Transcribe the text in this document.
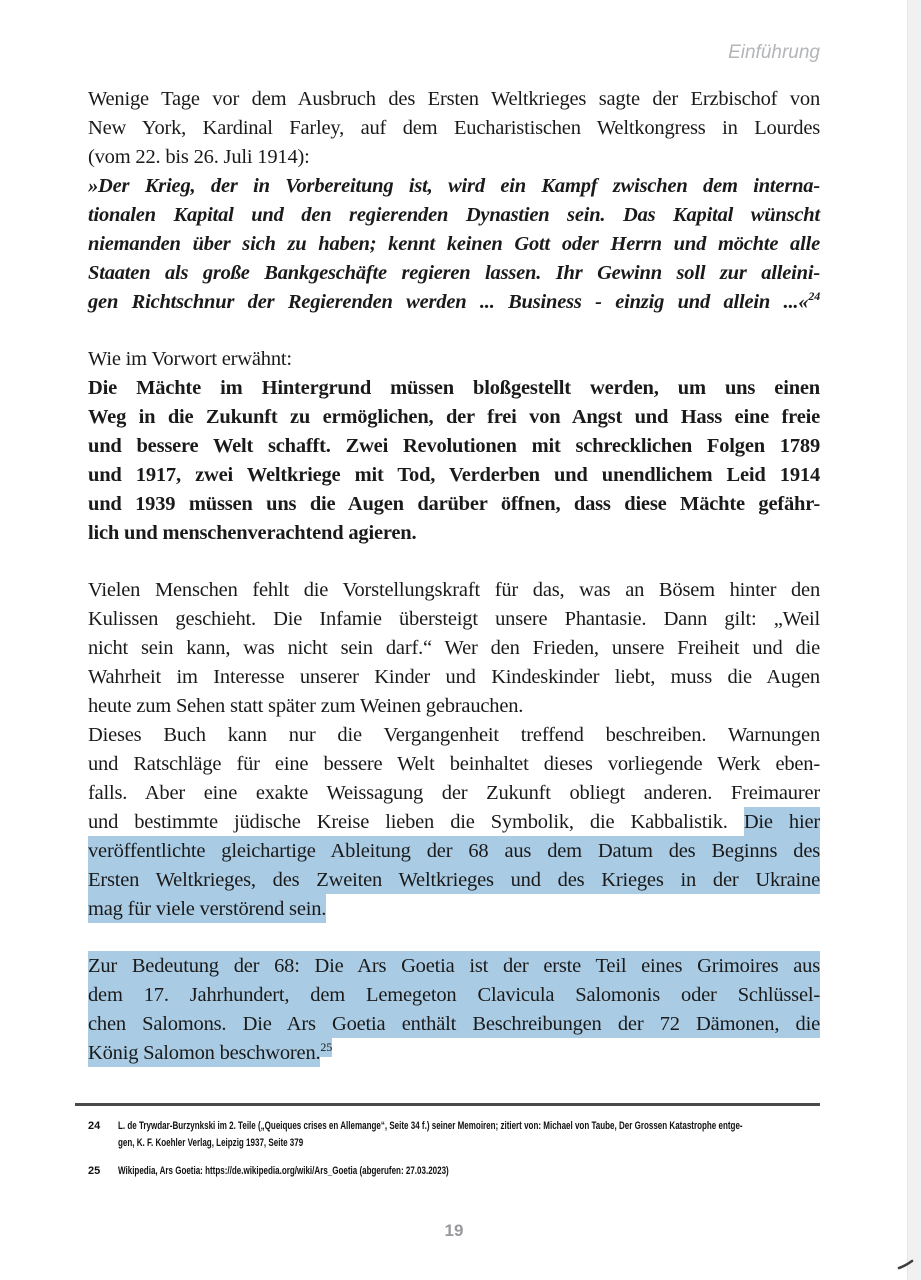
Einführung
Wenige Tage vor dem Ausbruch des Ersten Weltkrieges sagte der Erzbischof von
New York, Kardinal Farley, auf dem Eucharistischen Weltkongress in Lourdes
(vom 22. bis 26. Juli 1914):
»Der Krieg, der in Vorbereitung ist, wird ein Kampf zwischen dem interna-
tionalen Kapital und den regierenden Dynastien sein. Das Kapital wünscht
niemanden über sich zu haben; kennt keinen Gott oder Herrn und möchte alle
Staaten als große Bankgeschäfte regieren lassen. Ihr Gewinn soll zur alleini-
gen Richtschnur der Regierenden werden ... Business - einzig und allein ...«$^{24}$
Wie im Vorwort erwähnt:
Die Mächte im Hintergrund müssen bloßgestellt werden, um uns einen
Weg in die Zukunft zu ermöglichen, der frei von Angst und Hass eine freie
und bessere Welt schafft. Zwei Revolutionen mit schrecklichen Folgen 1789
und 1917, zwei Weltkriege mit Tod, Verderben und unendlichem Leid 1914
und 1939 müssen uns die Augen darüber öffnen, dass diese Mächte gefähr-
lich und menschenverachtend agieren.
Vielen Menschen fehlt die Vorstellungskraft für das, was an Bösem hinter den
Kulissen geschieht. Die Infamie übersteigt unsere Phantasie. Dann gilt: „Weil
nicht sein kann, was nicht sein darf.“ Wer den Frieden, unsere Freiheit und die
Wahrheit im Interesse unserer Kinder und Kindeskinder liebt, muss die Augen
heute zum Sehen statt später zum Weinen gebrauchen.
Dieses Buch kann nur die Vergangenheit treffend beschreiben. Warnungen
und Ratschläge für eine bessere Welt beinhaltet dieses vorliegende Werk eben-
falls. Aber eine exakte Weissagung der Zukunft obliegt anderen. Freimaurer
und bestimmte jüdische Kreise lieben die Symbolik, die Kabbalistik. Die hier
veröffentlichte gleichartige Ableitung der 68 aus dem Datum des Beginns des
Ersten Weltkrieges, des Zweiten Weltkrieges und des Krieges in der Ukraine
mag für viele verstörend sein.
Zur Bedeutung der 68: Die Ars Goetia ist der erste Teil eines Grimoires aus
dem 17. Jahrhundert, dem Lemegeton Clavicula Salomonis oder Schlüssel-
chen Salomons. Die Ars Goetia enthält Beschreibungen der 72 Dämonen, die
König Salomon beschworen.$^{25}$
24	L. de Trywdar-Burzynkski im 2. Teile („Queiques crises en Allemange“, Seite 34 f.) seiner Memoiren; zitiert von: Michael von Taube, Der Grossen Katastrophe entge-
gen, K. F. Koehler Verlag, Leipzig 1937, Seite 379
25	Wikipedia, Ars Goetia: https://de.wikipedia.org/wiki/Ars_Goetia (abgerufen: 27.03.2023)
19
